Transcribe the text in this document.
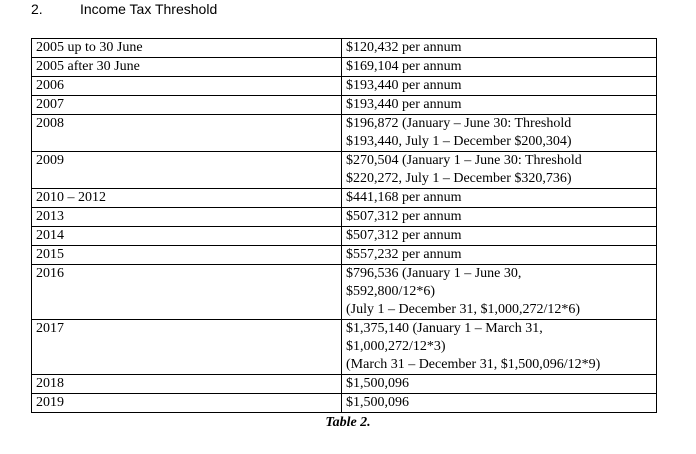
2.	Income Tax Threshold
2005 up to 30 June	$120,432 per annum

2005 after 30 June	$169,104 per annum

2006	$193,440 per annum

2007	$193,440 per annum

2008	$196,872 (January – June 30: Threshold
$193,440, July 1 – December $200,304)

2009	$270,504 (January 1 – June 30: Threshold
$220,272, July 1 – December $320,736)

2010 – 2012	$441,168 per annum

2013	$507,312 per annum

2014	$507,312 per annum

2015	$557,232 per annum

2016	$796,536 (January 1 – June 30,
$592,800/12*6)
(July 1 – December 31, $1,000,272/12*6)

2017	$1,375,140 (January 1 – March 31,
$1,000,272/12*3)
(March 31 – December 31, $1,500,096/12*9)

2018	$1,500,096

2019	$1,500,096
Table 2.
